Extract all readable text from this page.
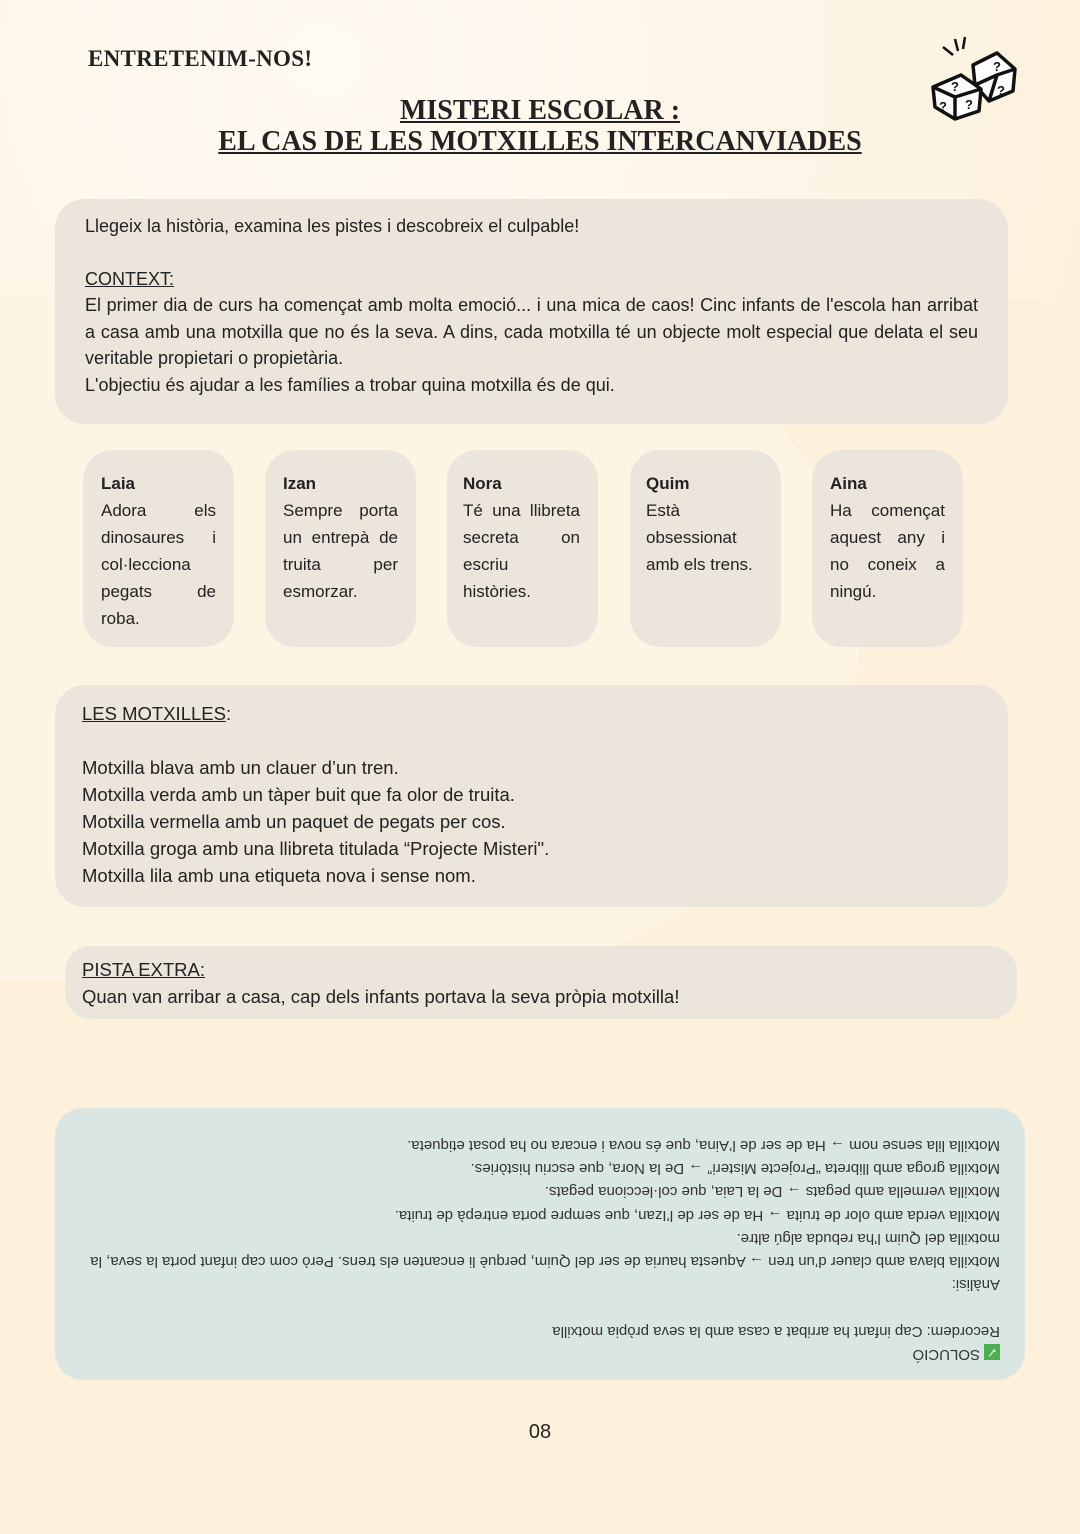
ENTRETENIM-NOS!
MISTERI ESCOLAR :
EL CAS DE LES MOTXILLES INTERCANVIADES
?
?
?
? ?
Llegeix la història, examina les pistes i descobreix el culpable!
CONTEXT:
El primer dia de curs ha començat amb molta emoció... i una mica de caos! Cinc infants de l'escola han arribat a casa amb una motxilla que no és la seva. A dins, cada motxilla té un objecte molt especial que delata el seu veritable propietari o propietària.
L'objectiu és ajudar a les famílies a trobar quina motxilla és de qui.
Laia
Adora els dinosaures i col·lecciona pegats de roba.
Izan
Sempre porta un entrepà de truita per esmorzar.
Nora
Té una llibreta secreta on escriu històries.
Quim
Està obsessionat amb els trens.
Aina
Ha començat aquest any i no coneix a ningú.
LES MOTXILLES:
Motxilla blava amb un clauer d’un tren.
Motxilla verda amb un tàper buit que fa olor de truita.
Motxilla vermella amb un paquet de pegats per cos.
Motxilla groga amb una llibreta titulada “Projecte Misteri".
Motxilla lila amb una etiqueta nova i sense nom.
PISTA EXTRA:
Quan van arribar a casa, cap dels infants portava la seva pròpia motxilla!
✓SOLUCIÓ
Recordem: Cap infant ha arribat a casa amb la seva pròpia motxilla
Anàlisi:
Motxilla blava amb clauer d’un tren → Aquesta hauria de ser del Quim, perquè li encanten els trens. Però com cap infant porta la seva, la motxilla del Quim l’ha rebuda algú altre.
Motxilla verda amb olor de truita → Ha de ser de l’Izan, que sempre porta entrepà de truita.
Motxilla vermella amb pegats → De la Laia, que col·lecciona pegats.
Motxilla groga amb llibreta “Projecte Misteri” → De la Nora, que escriu històries.
Motxilla lila sense nom → Ha de ser de l’Aina, que és nova i encara no ha posat etiqueta.
08
